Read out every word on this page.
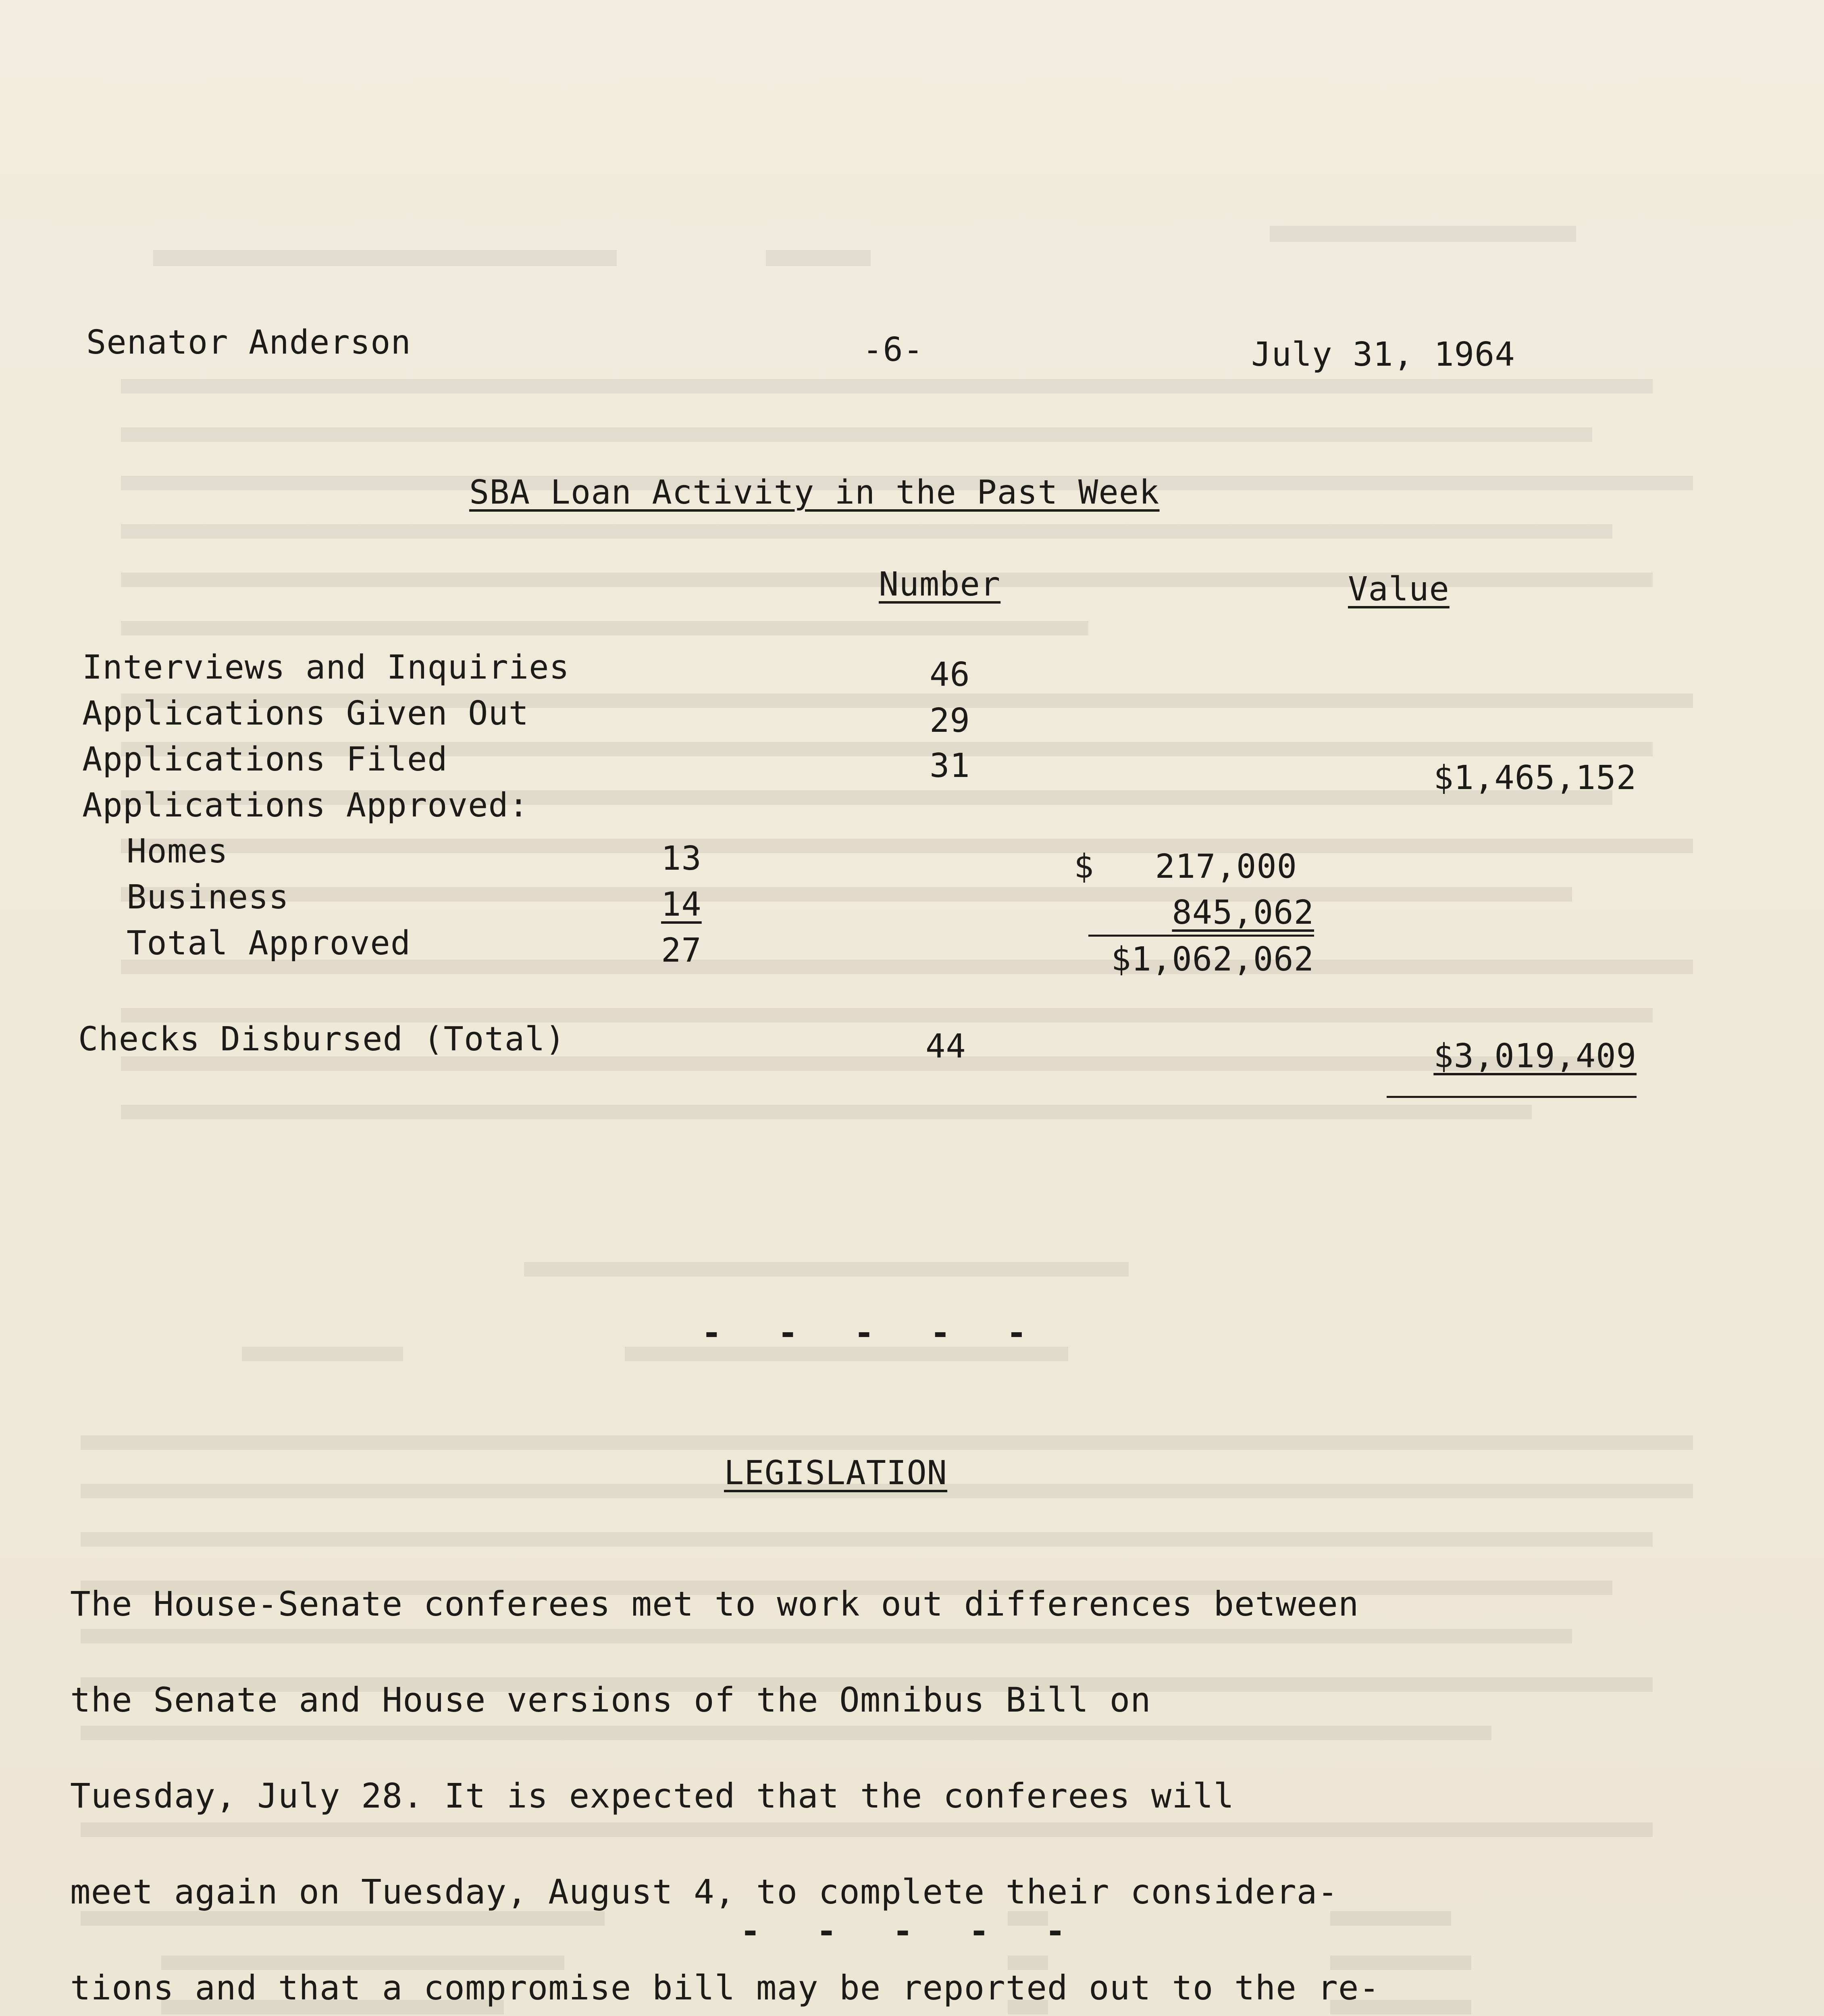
Senator Anderson	-6-	July 31, 1964
SBA Loan Activity in the Past Week
Number	Value
Interviews and Inquiries	46
Applications Given Out	29
Applications Filed	31	$1,465,152
Applications Approved:
Homes	13	$   217,000
Business	14	845,062
Total Approved	27	$1,062,062
Checks Disbursed (Total)	44	$3,019,409
- - - - -
LEGISLATION

The House-Senate conferees met to work out differences between

the Senate and House versions of the Omnibus Bill on

Tuesday, July 28. It is expected that the conferees will

meet again on Tuesday, August 4, to complete their considera-

tions and that a compromise bill may be reported out to the re-

- - - - -
